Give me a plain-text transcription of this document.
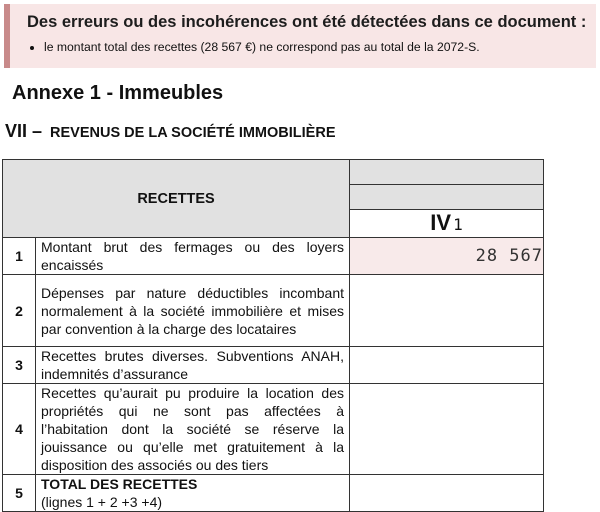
Des erreurs ou des incohérences ont été détectées dans ce document :
• le montant total des recettes (28 567 €) ne correspond pas au total de la 2072-S.
Annexe 1 - Immeubles
VII – REVENUS DE LA SOCIÉTÉ IMMOBILIÈRE
RECETTES		

		IV 1
1	Montant brut des fermages ou des loyers encaissés	28 567
2	Dépenses par nature déductibles incombant normalement à la société immobilière et mises par convention à la charge des locataires	
3	Recettes brutes diverses. Subventions ANAH, indemnités d’assurance	
4	Recettes qu’aurait pu produire la location des propriétés qui ne sont pas affectées à l’habitation dont la société se réserve la jouissance ou qu’elle met gratuitement à la disposition des associés ou des tiers	
5	TOTAL DES RECETTES
(lignes 1 + 2 +3 +4)	
